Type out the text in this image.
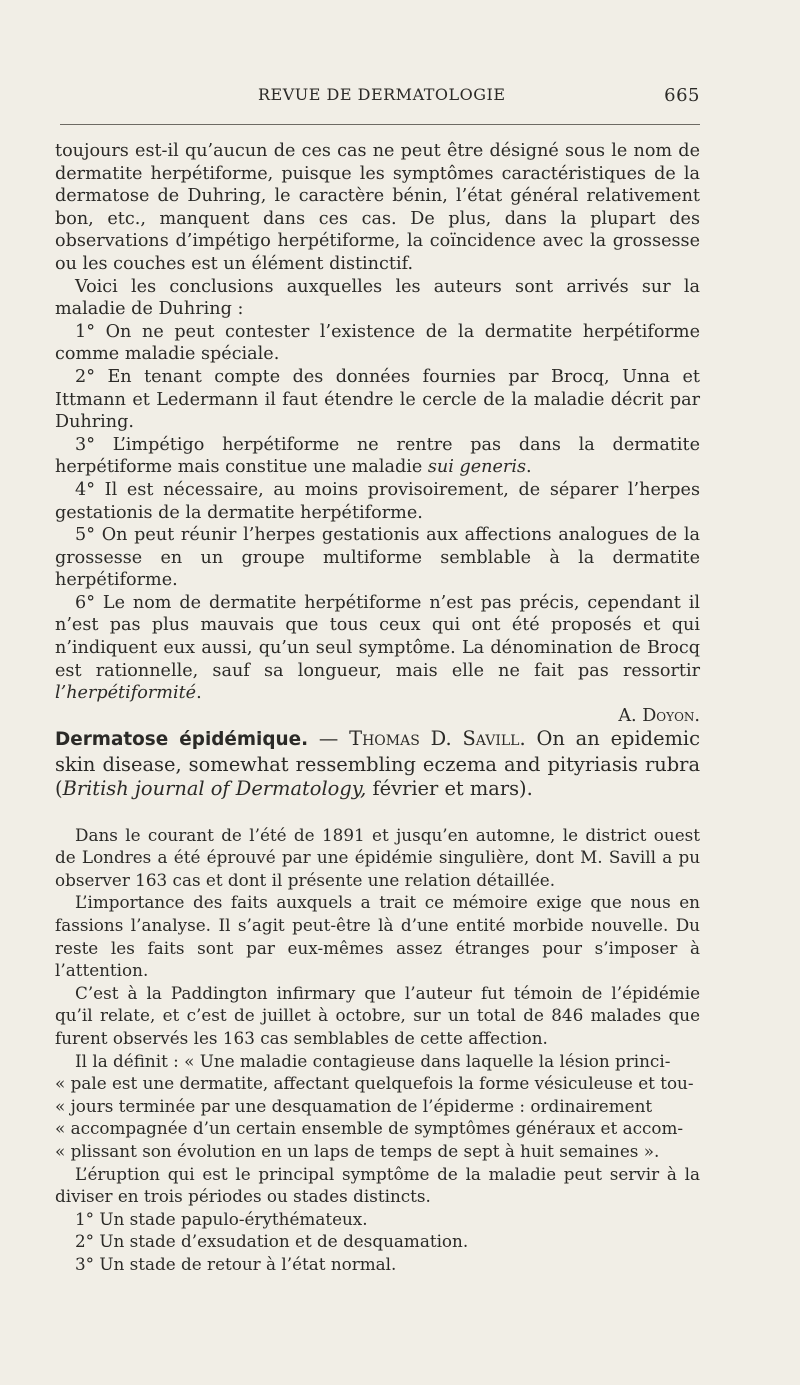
REVUE DE DERMATOLOGIE	665

toujours est-il qu’aucun de ces cas ne peut être désigné sous le nom de dermatite herpétiforme, puisque les symptômes caractéristiques de la dermatose de Duhring, le caractère bénin, l’état général relativement bon, etc., manquent dans ces cas. De plus, dans la plupart des observations d’impétigo herpétiforme, la coïncidence avec la grossesse ou les couches est un élément distinctif.

Voici les conclusions auxquelles les auteurs sont arrivés sur la maladie de Duhring :

1° On ne peut contester l’existence de la dermatite herpétiforme comme maladie spéciale.

2° En tenant compte des données fournies par Brocq, Unna et Ittmann et Ledermann il faut étendre le cercle de la maladie décrit par Duhring.

3° L’impétigo herpétiforme ne rentre pas dans la dermatite herpétiforme mais constitue une maladie sui generis.

4° Il est nécessaire, au moins provisoirement, de séparer l’herpes gestationis de la dermatite herpétiforme.

5° On peut réunir l’herpes gestationis aux affections analogues de la grossesse en un groupe multiforme semblable à la dermatite herpétiforme.

6° Le nom de dermatite herpétiforme n’est pas précis, cependant il n’est pas plus mauvais que tous ceux qui ont été proposés et qui n’indiquent eux aussi, qu’un seul symptôme. La dénomination de Brocq est rationnelle, sauf sa longueur, mais elle ne fait pas ressortir l’herpétiformité.

A. Doyon.

Dermatose épidémique. — Thomas D. Savill. On an epidemic skin disease, somewhat ressembling eczema and pityriasis rubra (British journal of Dermatology, février et mars).

Dans le courant de l’été de 1891 et jusqu’en automne, le district ouest de Londres a été éprouvé par une épidémie singulière, dont M. Savill a pu observer 163 cas et dont il présente une relation détaillée.

L’importance des faits auxquels a trait ce mémoire exige que nous en fassions l’analyse. Il s’agit peut-être là d’une entité morbide nouvelle. Du reste les faits sont par eux-mêmes assez étranges pour s’imposer à l’attention.

C’est à la Paddington infirmary que l’auteur fut témoin de l’épidémie qu’il relate, et c’est de juillet à octobre, sur un total de 846 malades que furent observés les 163 cas semblables de cette affection.

Il la définit : « Une maladie contagieuse dans laquelle la lésion princi-

« pale est une dermatite, affectant quelquefois la forme vésiculeuse et tou-

« jours terminée par une desquamation de l’épiderme : ordinairement

« accompagnée d’un certain ensemble de symptômes généraux et accom-

« plissant son évolution en un laps de temps de sept à huit semaines ».

L’éruption qui est le principal symptôme de la maladie peut servir à la diviser en trois périodes ou stades distincts.

1° Un stade papulo-érythémateux.

2° Un stade d’exsudation et de desquamation.

3° Un stade de retour à l’état normal.
